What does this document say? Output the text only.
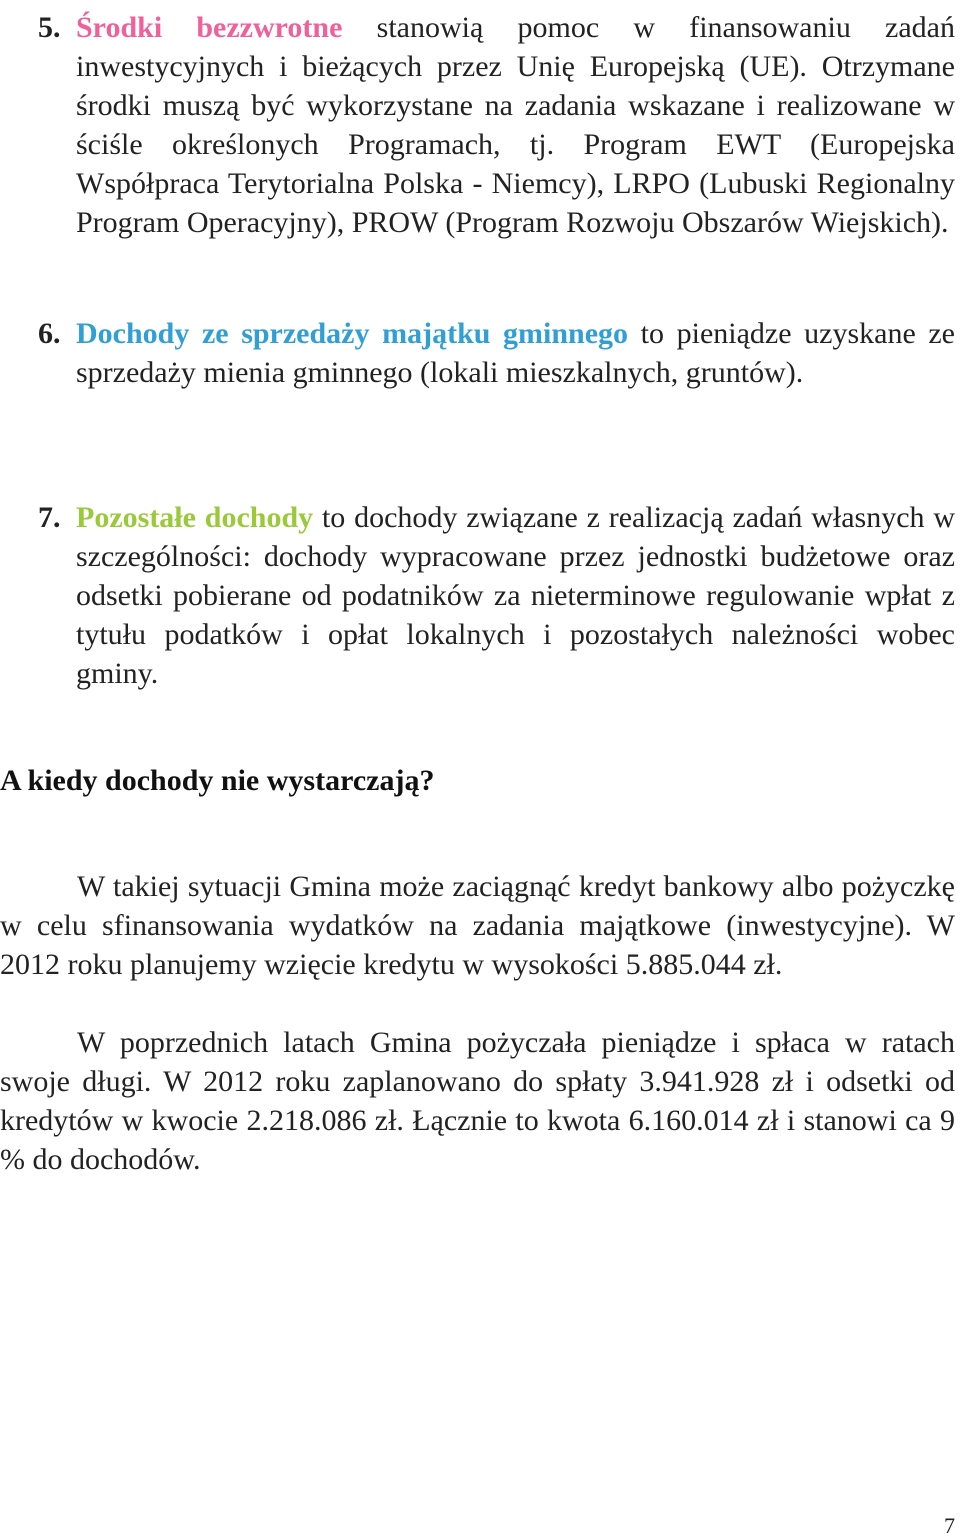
5. Środki bezzwrotne stanowią pomoc w finansowaniu zadań inwestycyjnych i bieżących przez Unię Europejską (UE). Otrzymane środki muszą być wykorzystane na zadania wskazane i realizowane w ściśle określonych Programach, tj. Program EWT (Europejska Współpraca Terytorialna Polska - Niemcy), LRPO (Lubuski Regionalny Program Operacyjny), PROW (Program Rozwoju Obszarów Wiejskich).
6. Dochody ze sprzedaży majątku gminnego to pieniądze uzyskane ze sprzedaży mienia gminnego (lokali mieszkalnych, gruntów).
7. Pozostałe dochody to dochody związane z realizacją zadań własnych w szczególności: dochody wypracowane przez jednostki budżetowe oraz odsetki pobierane od podatników za nieterminowe regulowanie wpłat z tytułu podatków i opłat lokalnych i pozostałych należności wobec gminy.
A kiedy dochody nie wystarczają?
W takiej sytuacji Gmina może zaciągnąć kredyt bankowy albo pożyczkę w celu sfinansowania wydatków na zadania majątkowe (inwestycyjne). W 2012 roku planujemy wzięcie kredytu w wysokości 5.885.044 zł.
W poprzednich latach Gmina pożyczała pieniądze i spłaca w ratach swoje długi. W 2012 roku zaplanowano do spłaty 3.941.928 zł i odsetki od kredytów w kwocie 2.218.086 zł. Łącznie to kwota 6.160.014 zł i stanowi ca 9 % do dochodów.
7
